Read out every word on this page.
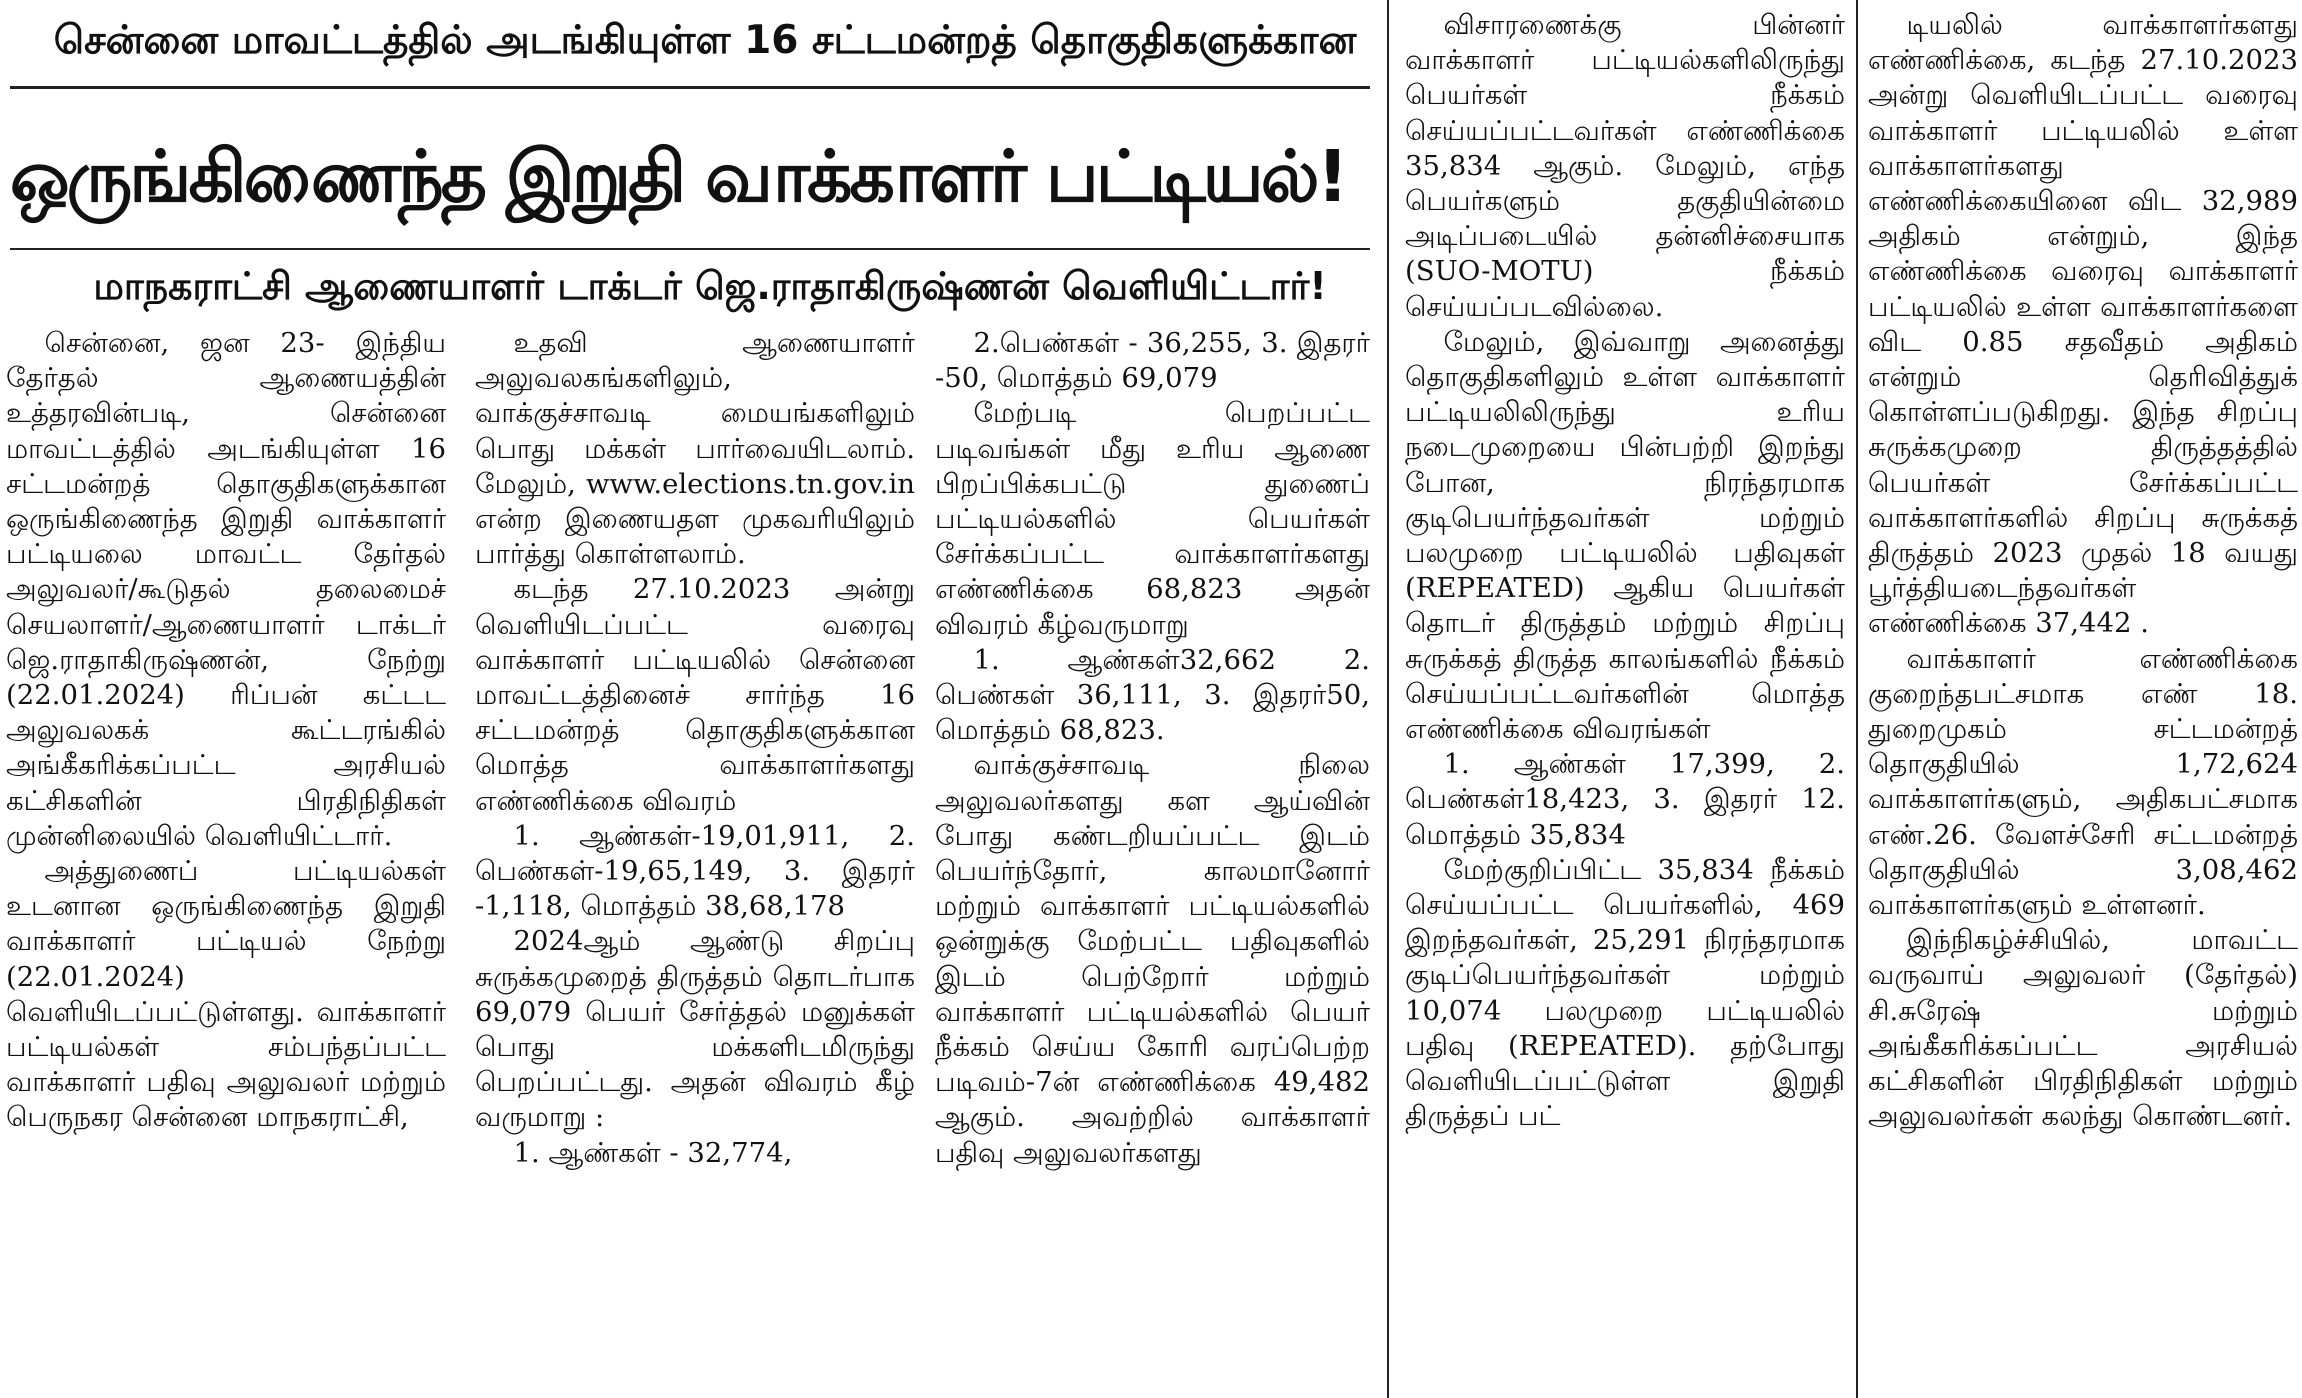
சென்னை மாவட்டத்தில் அடங்கியுள்ள 16 சட்டமன்றத் தொகுதிகளுக்கான
ஒருங்கிணைந்த இறுதி வாக்காளர் பட்டியல்!
மாநகராட்சி ஆணையாளர் டாக்டர் ஜெ.ராதாகிருஷ்ணன் வெளியிட்டார்!

சென்னை, ஜன 23- இந்திய தேர்தல் ஆணையத்தின் உத்தரவின்படி, சென்னை மாவட்டத்தில் அடங்கியுள்ள 16 சட்டமன்றத் தொகுதிகளுக்கான ஒருங்கிணைந்த இறுதி வாக்காளர் பட்டியலை மாவட்ட தேர்தல் அலுவலர்/கூடுதல் தலைமைச் செயலாளர்/ஆணையாளர் டாக்டர் ஜெ.ராதாகிருஷ்ணன், நேற்று (22.01.2024) ரிப்பன் கட்டட அலுவலகக் கூட்டரங்கில் அங்கீகரிக்கப்பட்ட அரசியல் கட்சிகளின் பிரதிநிதிகள் முன்னிலையில் வெளியிட்டார்.

அத்துணைப் பட்டியல்கள் உடனான ஒருங்கிணைந்த இறுதி வாக்காளர் பட்டியல் நேற்று (22.01.2024) வெளியிடப்பட்டுள்ளது. வாக்காளர் பட்டியல்கள் சம்பந்தப்பட்ட வாக்காளர் பதிவு அலுவலர் மற்றும் பெருநகர சென்னை மாநகராட்சி,

உதவி ஆணையாளர் அலுவலகங்களிலும், வாக்குச்சாவடி மையங்களிலும் பொது மக்கள் பார்வையிடலாம். மேலும், www.elections.tn.gov.in என்ற இணையதள முகவரியிலும் பார்த்து கொள்ளலாம்.

கடந்த 27.10.2023 அன்று வெளியிடப்பட்ட வரைவு வாக்காளர் பட்டியலில் சென்னை மாவட்டத்தினைச் சார்ந்த 16 சட்டமன்றத் தொகுதிகளுக்கான மொத்த வாக்காளர்களது எண்ணிக்கை விவரம்

1. ஆண்கள்-19,01,911, 2. பெண்கள்-19,65,149, 3. இதரர் -1,118, மொத்தம் 38,68,178

2024ஆம் ஆண்டு சிறப்பு சுருக்கமுறைத் திருத்தம் தொடர்பாக 69,079 பெயர் சேர்த்தல் மனுக்கள் பொது மக்களிடமிருந்து பெறப்பட்டது. அதன் விவரம் கீழ் வருமாறு :

1. ஆண்கள் - 32,774,

2.பெண்கள் - 36,255, 3. இதரர் -50, மொத்தம் 69,079

மேற்படி பெறப்பட்ட படிவங்கள் மீது உரிய ஆணை பிறப்பிக்கபட்டு துணைப் பட்டியல்களில் பெயர்கள் சேர்க்கப்பட்ட வாக்காளர்களது எண்ணிக்கை 68,823 அதன் விவரம் கீழ்வருமாறு

1. ஆண்கள்32,662 2. பெண்கள் 36,111, 3. இதரர்50, மொத்தம் 68,823.

வாக்குச்சாவடி நிலை அலுவலர்களது கள ஆய்வின் போது கண்டறியப்பட்ட இடம் பெயர்ந்தோர், காலமானோர் மற்றும் வாக்காளர் பட்டியல்களில் ஒன்றுக்கு மேற்பட்ட பதிவுகளில் இடம் பெற்றோர் மற்றும் வாக்காளர் பட்டியல்களில் பெயர் நீக்கம் செய்ய கோரி வரப்பெற்ற படிவம்-7ன் எண்ணிக்கை 49,482 ஆகும். அவற்றில் வாக்காளர் பதிவு அலுவலர்களது

விசாரணைக்கு பின்னர் வாக்காளர் பட்டியல்களிலிருந்து பெயர்கள் நீக்கம் செய்யப்பட்டவர்கள் எண்ணிக்கை 35,834 ஆகும். மேலும், எந்த பெயர்களும் தகுதியின்மை அடிப்படையில் தன்னிச்சையாக (SUO-MOTU) நீக்கம் செய்யப்படவில்லை.

மேலும், இவ்வாறு அனைத்து தொகுதிகளிலும் உள்ள வாக்காளர் பட்டியலிலிருந்து உரிய நடைமுறையை பின்பற்றி இறந்து போன, நிரந்தரமாக குடிபெயர்ந்தவர்கள் மற்றும் பலமுறை பட்டியலில் பதிவுகள் (REPEATED) ஆகிய பெயர்கள் தொடர் திருத்தம் மற்றும் சிறப்பு சுருக்கத் திருத்த காலங்களில் நீக்கம் செய்யப்பட்டவர்களின் மொத்த எண்ணிக்கை விவரங்கள்

1. ஆண்கள் 17,399, 2. பெண்கள்18,423, 3. இதரர் 12. மொத்தம் 35,834

மேற்குறிப்பிட்ட 35,834 நீக்கம் செய்யப்பட்ட பெயர்களில், 469 இறந்தவர்கள், 25,291 நிரந்தரமாக குடிப்பெயர்ந்தவர்கள் மற்றும் 10,074 பலமுறை பட்டியலில் பதிவு (REPEATED). தற்போது வெளியிடப்பட்டுள்ள இறுதி திருத்தப் பட்

டியலில் வாக்காளர்களது எண்ணிக்கை, கடந்த 27.10.2023 அன்று வெளியிடப்பட்ட வரைவு வாக்காளர் பட்டியலில் உள்ள வாக்காளர்களது எண்ணிக்கையினை விட 32,989 அதிகம் என்றும், இந்த எண்ணிக்கை வரைவு வாக்காளர் பட்டியலில் உள்ள வாக்காளர்களை விட 0.85 சதவீதம் அதிகம் என்றும் தெரிவித்துக் கொள்ளப்படுகிறது. இந்த சிறப்பு சுருக்கமுறை திருத்தத்தில் பெயர்கள் சேர்க்கப்பட்ட வாக்காளர்களில் சிறப்பு சுருக்கத் திருத்தம் 2023 முதல் 18 வயது பூர்த்தியடைந்தவர்கள் எண்ணிக்கை 37,442 .

வாக்காளர் எண்ணிக்கை குறைந்தபட்சமாக எண் 18. துறைமுகம் சட்டமன்றத் தொகுதியில் 1,72,624 வாக்காளர்களும், அதிகபட்சமாக எண்.26. வேளச்சேரி சட்டமன்றத் தொகுதியில் 3,08,462 வாக்காளர்களும் உள்ளனர்.

இந்நிகழ்ச்சியில், மாவட்ட வருவாய் அலுவலர் (தேர்தல்) சி.சுரேஷ் மற்றும் அங்கீகரிக்கப்பட்ட அரசியல் கட்சிகளின் பிரதிநிதிகள் மற்றும் அலுவலர்கள் கலந்து கொண்டனர்.
